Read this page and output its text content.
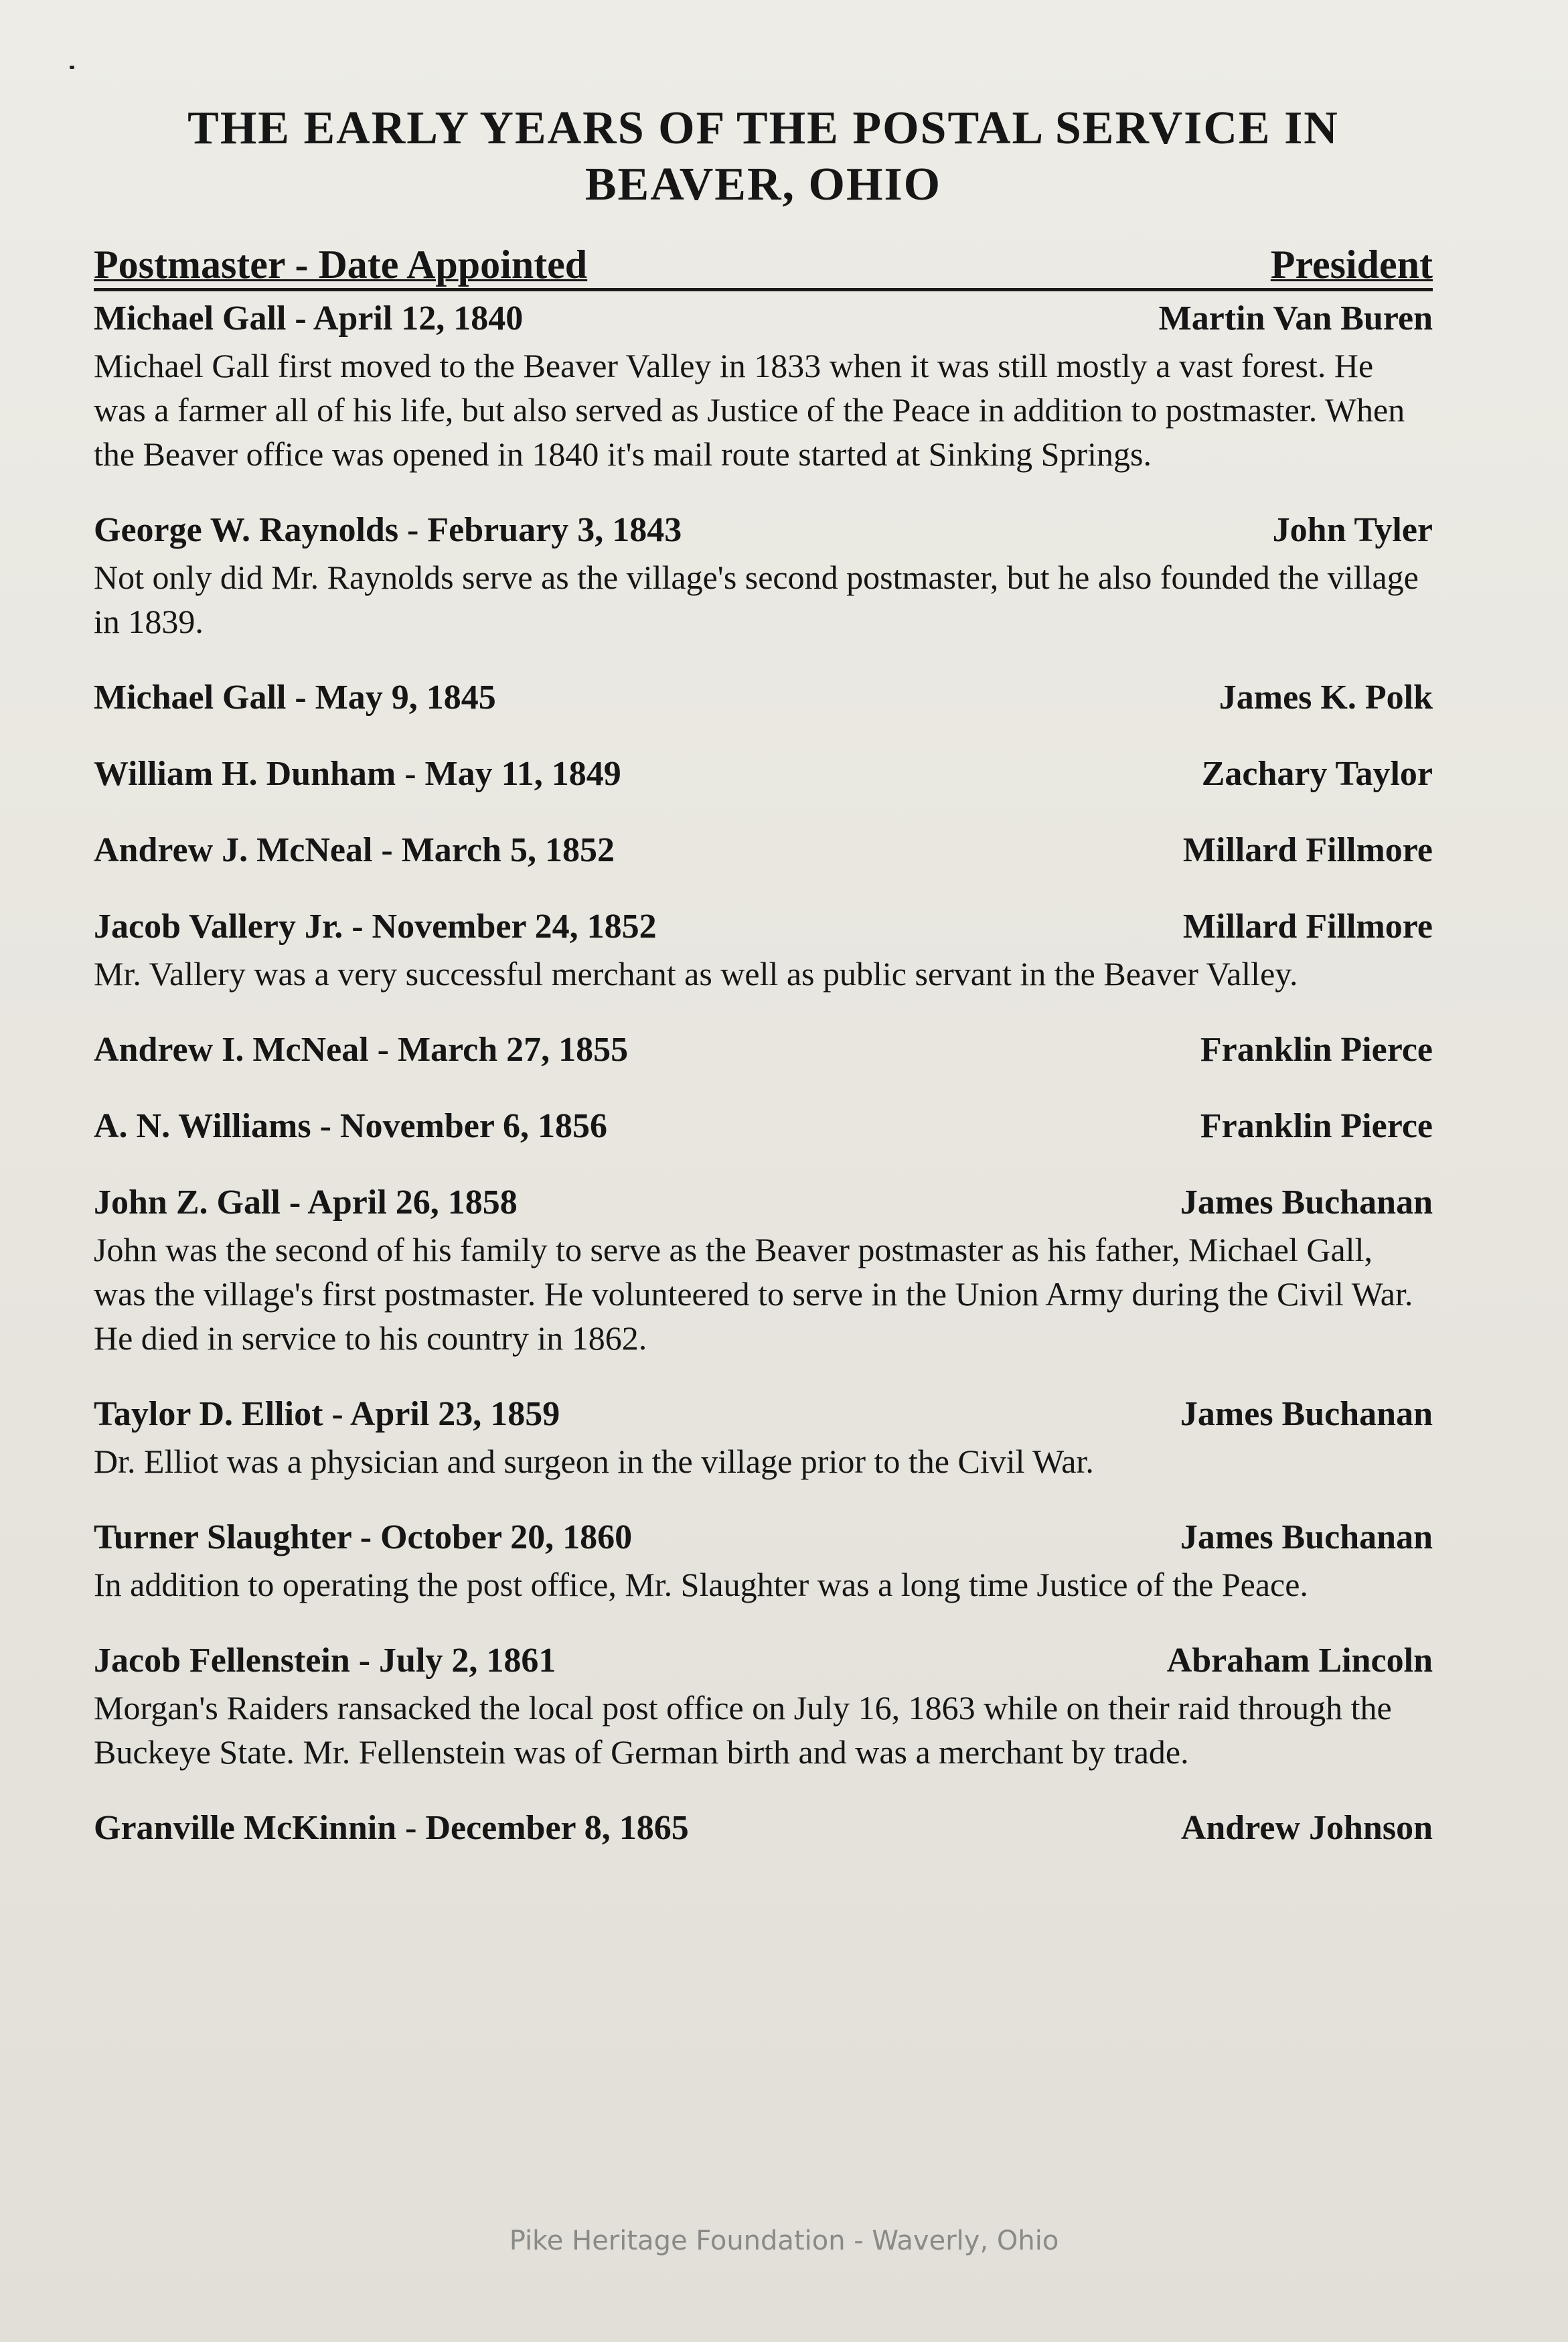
THE EARLY YEARS OF THE POSTAL SERVICE IN
BEAVER, OHIO
Postmaster - Date Appointed	President
Michael Gall - April 12, 1840	Martin Van Buren
Michael Gall first moved to the Beaver Valley in 1833 when it was still mostly a vast forest. He was a farmer all of his life, but also served as Justice of the Peace in addition to postmaster. When the Beaver office was opened in 1840 it's mail route started at Sinking Springs.
George W. Raynolds - February 3, 1843	John Tyler
Not only did Mr. Raynolds serve as the village's second postmaster, but he also founded the village in 1839.
Michael Gall - May 9, 1845	James K. Polk
William H. Dunham - May 11, 1849	Zachary Taylor
Andrew J. McNeal - March 5, 1852	Millard Fillmore
Jacob Vallery Jr. - November 24, 1852	Millard Fillmore
Mr. Vallery was a very successful merchant as well as public servant in the Beaver Valley.
Andrew I. McNeal - March 27, 1855	Franklin Pierce
A. N. Williams - November 6, 1856	Franklin Pierce
John Z. Gall - April 26, 1858	James Buchanan
John was the second of his family to serve as the Beaver postmaster as his father, Michael Gall, was the village's first postmaster. He volunteered to serve in the Union Army during the Civil War. He died in service to his country in 1862.
Taylor D. Elliot - April 23, 1859	James Buchanan
Dr. Elliot was a physician and surgeon in the village prior to the Civil War.
Turner Slaughter - October 20, 1860	James Buchanan
In addition to operating the post office, Mr. Slaughter was a long time Justice of the Peace.
Jacob Fellenstein - July 2, 1861	Abraham Lincoln
Morgan's Raiders ransacked the local post office on July 16, 1863 while on their raid through the Buckeye State. Mr. Fellenstein was of German birth and was a merchant by trade.
Granville McKinnin - December 8, 1865	Andrew Johnson
Pike Heritage Foundation - Waverly, Ohio
